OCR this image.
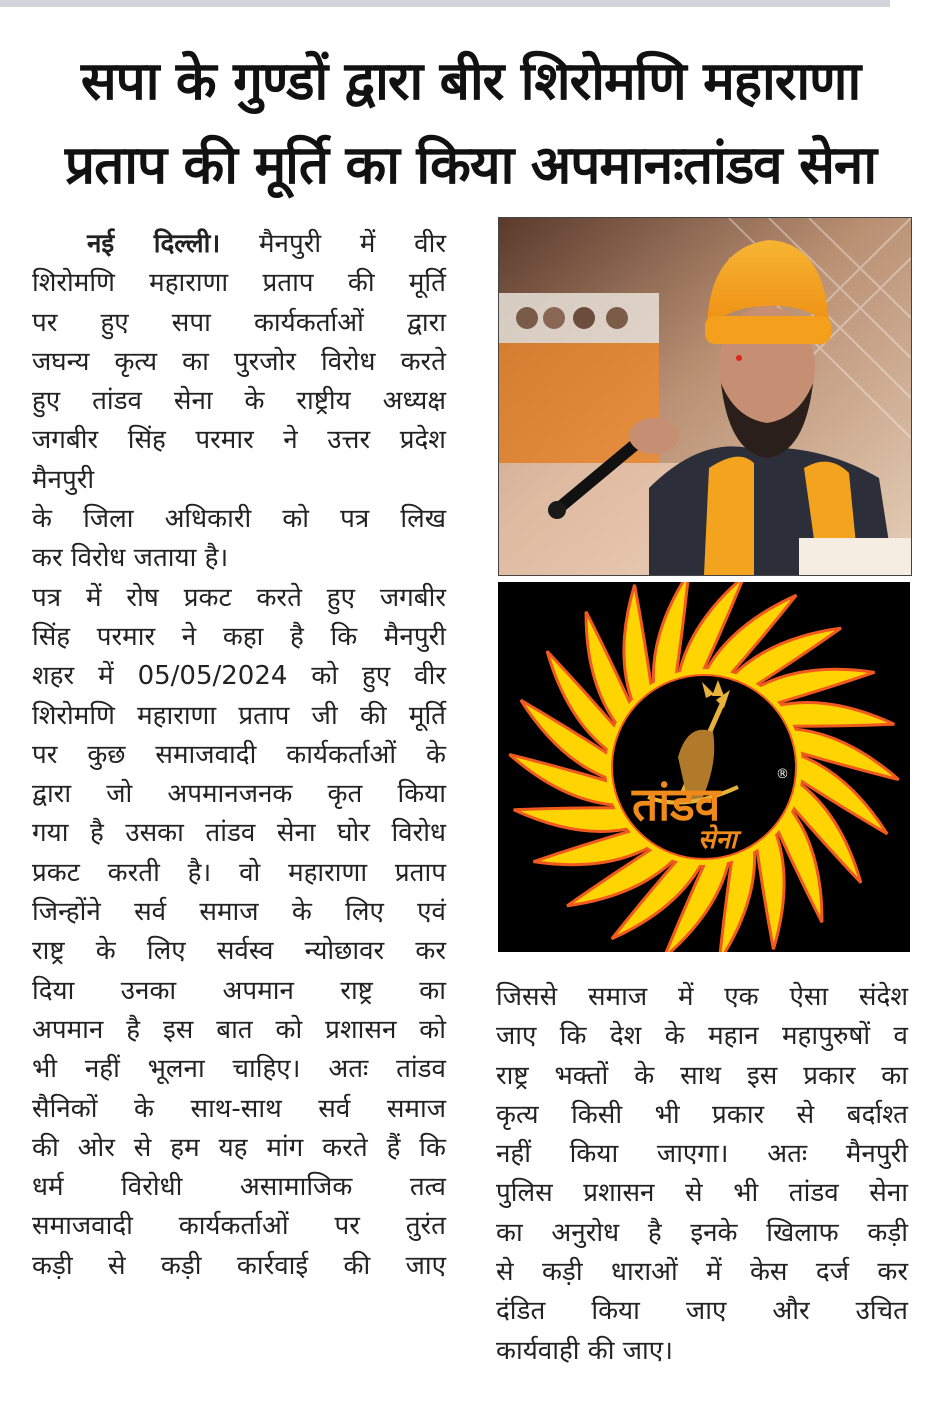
सपा के गुण्डों द्वारा बीर शिरोमणि महाराणा
प्रताप की मूर्ति का किया अपमानःतांडव सेना
नई दिल्ली। मैनपुरी में वीर
शिरोमणि महाराणा प्रताप की मूर्ति
पर हुए सपा कार्यकर्ताओं द्वारा
जघन्य कृत्य का पुरजोर विरोध करते
हुए तांडव सेना के राष्ट्रीय अध्यक्ष
जगबीर सिंह परमार ने उत्तर प्रदेश
मैनपुरी
के जिला अधिकारी को पत्र लिख
कर विरोध जताया है।
पत्र में रोष प्रकट करते हुए जगबीर
सिंह परमार ने कहा है कि मैनपुरी
शहर में 05/05/2024 को हुए वीर
शिरोमणि महाराणा प्रताप जी की मूर्ति
पर कुछ समाजवादी कार्यकर्ताओं के
द्वारा जो अपमानजनक कृत किया
गया है उसका तांडव सेना घोर विरोध
प्रकट करती है। वो महाराणा प्रताप
जिन्होंने सर्व समाज के लिए एवं
राष्ट्र के लिए सर्वस्व न्योछावर कर
दिया उनका अपमान राष्ट्र का
अपमान है इस बात को प्रशासन को
भी नहीं भूलना चाहिए। अतः तांडव
सैनिकों के साथ-साथ सर्व समाज
की ओर से हम यह मांग करते हैं कि
धर्म विरोधी असामाजिक तत्व
समाजवादी कार्यकर्ताओं पर तुरंत
कड़ी से कड़ी कार्रवाई की जाए
तांडव
®
सेना
जिससे समाज में एक ऐसा संदेश
जाए कि देश के महान महापुरुषों व
राष्ट्र भक्तों के साथ इस प्रकार का
कृत्य किसी भी प्रकार से बर्दाश्त
नहीं किया जाएगा। अतः मैनपुरी
पुलिस प्रशासन से भी तांडव सेना
का अनुरोध है इनके खिलाफ कड़ी
से कड़ी धाराओं में केस दर्ज कर
दंडित किया जाए और उचित
कार्यवाही की जाए।
